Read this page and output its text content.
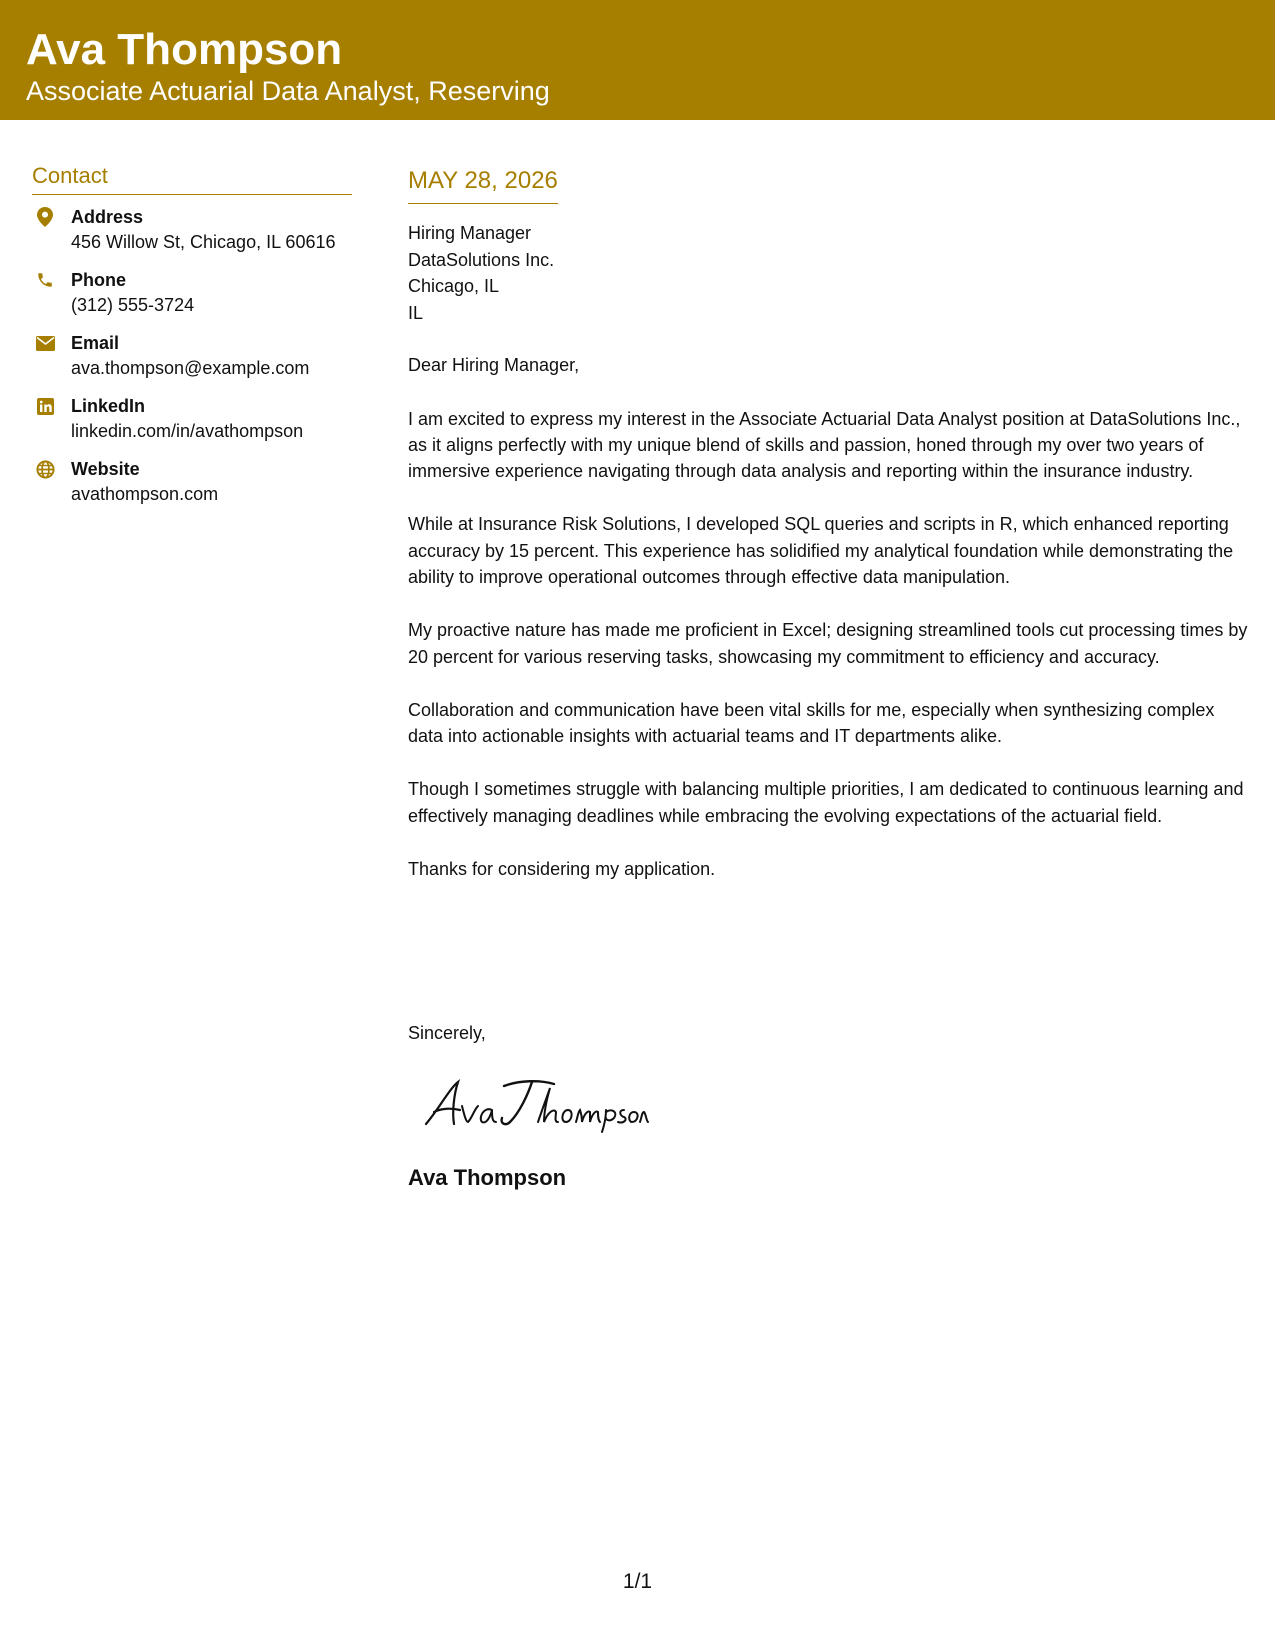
Ava Thompson
Associate Actuarial Data Analyst, Reserving
Contact
Address
456 Willow St, Chicago, IL 60616
Phone
(312) 555-3724
Email
ava.thompson@example.com
LinkedIn
linkedin.com/in/avathompson
Website
avathompson.com
MAY 28, 2026
Hiring Manager
DataSolutions Inc.
Chicago, IL
IL
Dear Hiring Manager,
I am excited to express my interest in the Associate Actuarial Data Analyst position at DataSolutions Inc., as it aligns perfectly with my unique blend of skills and passion, honed through my over two years of immersive experience navigating through data analysis and reporting within the insurance industry.
While at Insurance Risk Solutions, I developed SQL queries and scripts in R, which enhanced reporting accuracy by 15 percent. This experience has solidified my analytical foundation while demonstrating the ability to improve operational outcomes through effective data manipulation.
My proactive nature has made me proficient in Excel; designing streamlined tools cut processing times by 20 percent for various reserving tasks, showcasing my commitment to efficiency and accuracy.
Collaboration and communication have been vital skills for me, especially when synthesizing complex data into actionable insights with actuarial teams and IT departments alike.
Though I sometimes struggle with balancing multiple priorities, I am dedicated to continuous learning and effectively managing deadlines while embracing the evolving expectations of the actuarial field.
Thanks for considering my application.
Sincerely,
Ava Thompson
1/1
